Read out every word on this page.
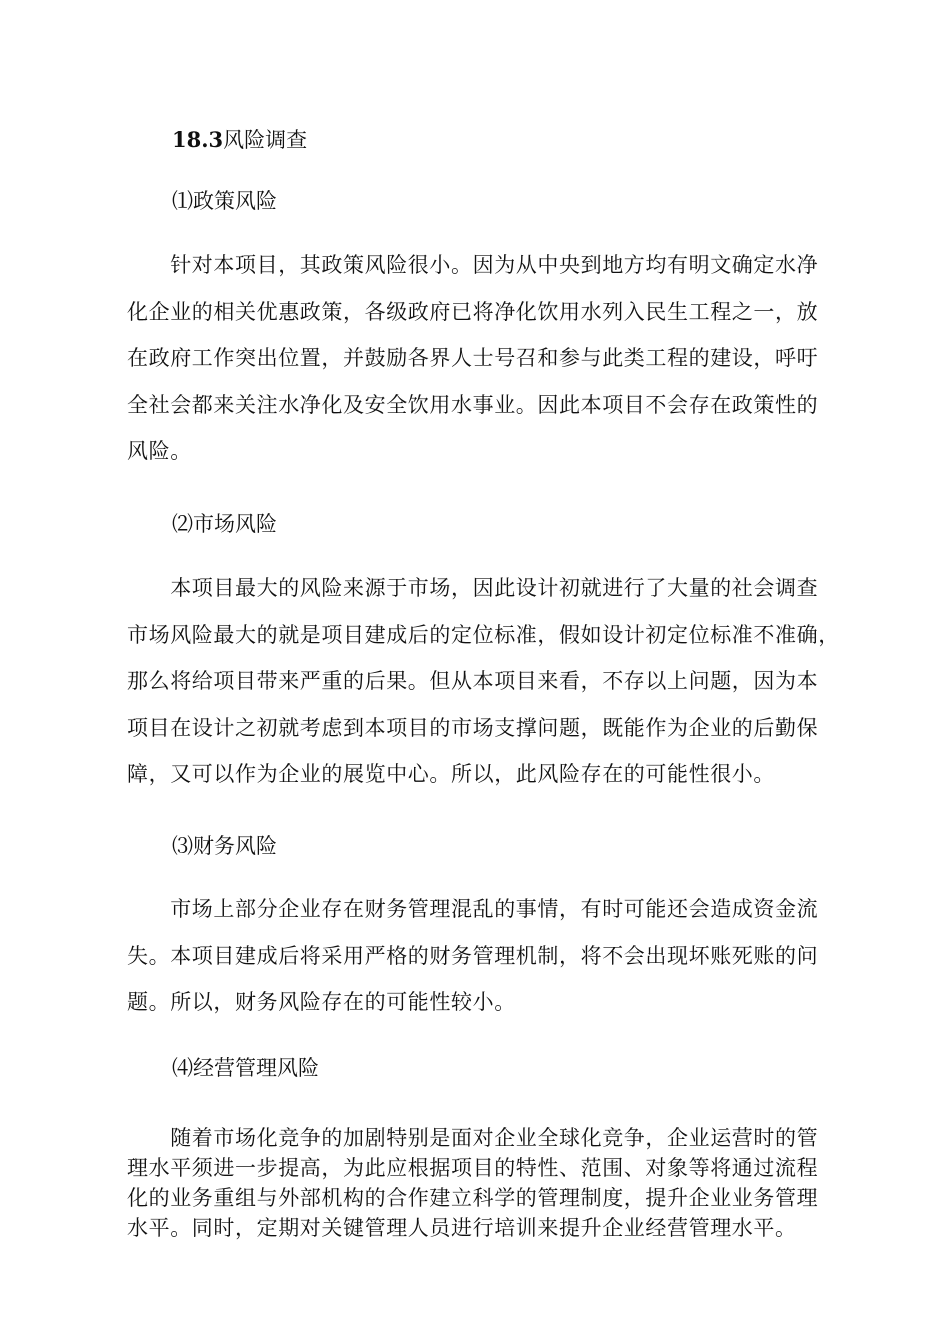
18.3风险调查
⑴政策风险

　　针对本项目，其政策风险很小。因为从中央到地方均有明文确定水净
化企业的相关优惠政策，各级政府已将净化饮用水列入民生工程之一，放
在政府工作突出位置，并鼓励各界人士号召和参与此类工程的建设，呼吁
全社会都来关注水净化及安全饮用水事业。因此本项目不会存在政策性的
风险。

⑵市场风险

　　本项目最大的风险来源于市场，因此设计初就进行了大量的社会调查
市场风险最大的就是项目建成后的定位标准，假如设计初定位标准不准确，
那么将给项目带来严重的后果。但从本项目来看，不存以上问题，因为本
项目在设计之初就考虑到本项目的市场支撑问题，既能作为企业的后勤保
障，又可以作为企业的展览中心。所以，此风险存在的可能性很小。

⑶财务风险

　　市场上部分企业存在财务管理混乱的事情，有时可能还会造成资金流
失。本项目建成后将采用严格的财务管理机制，将不会出现坏账死账的问
题。所以，财务风险存在的可能性较小。

⑷经营管理风险

　　随着市场化竞争的加剧特别是面对企业全球化竞争，企业运营时的管
理水平须进一步提高，为此应根据项目的特性、范围、对象等将通过流程
化的业务重组与外部机构的合作建立科学的管理制度，提升企业业务管理
水平。同时，定期对关键管理人员进行培训来提升企业经营管理水平。
